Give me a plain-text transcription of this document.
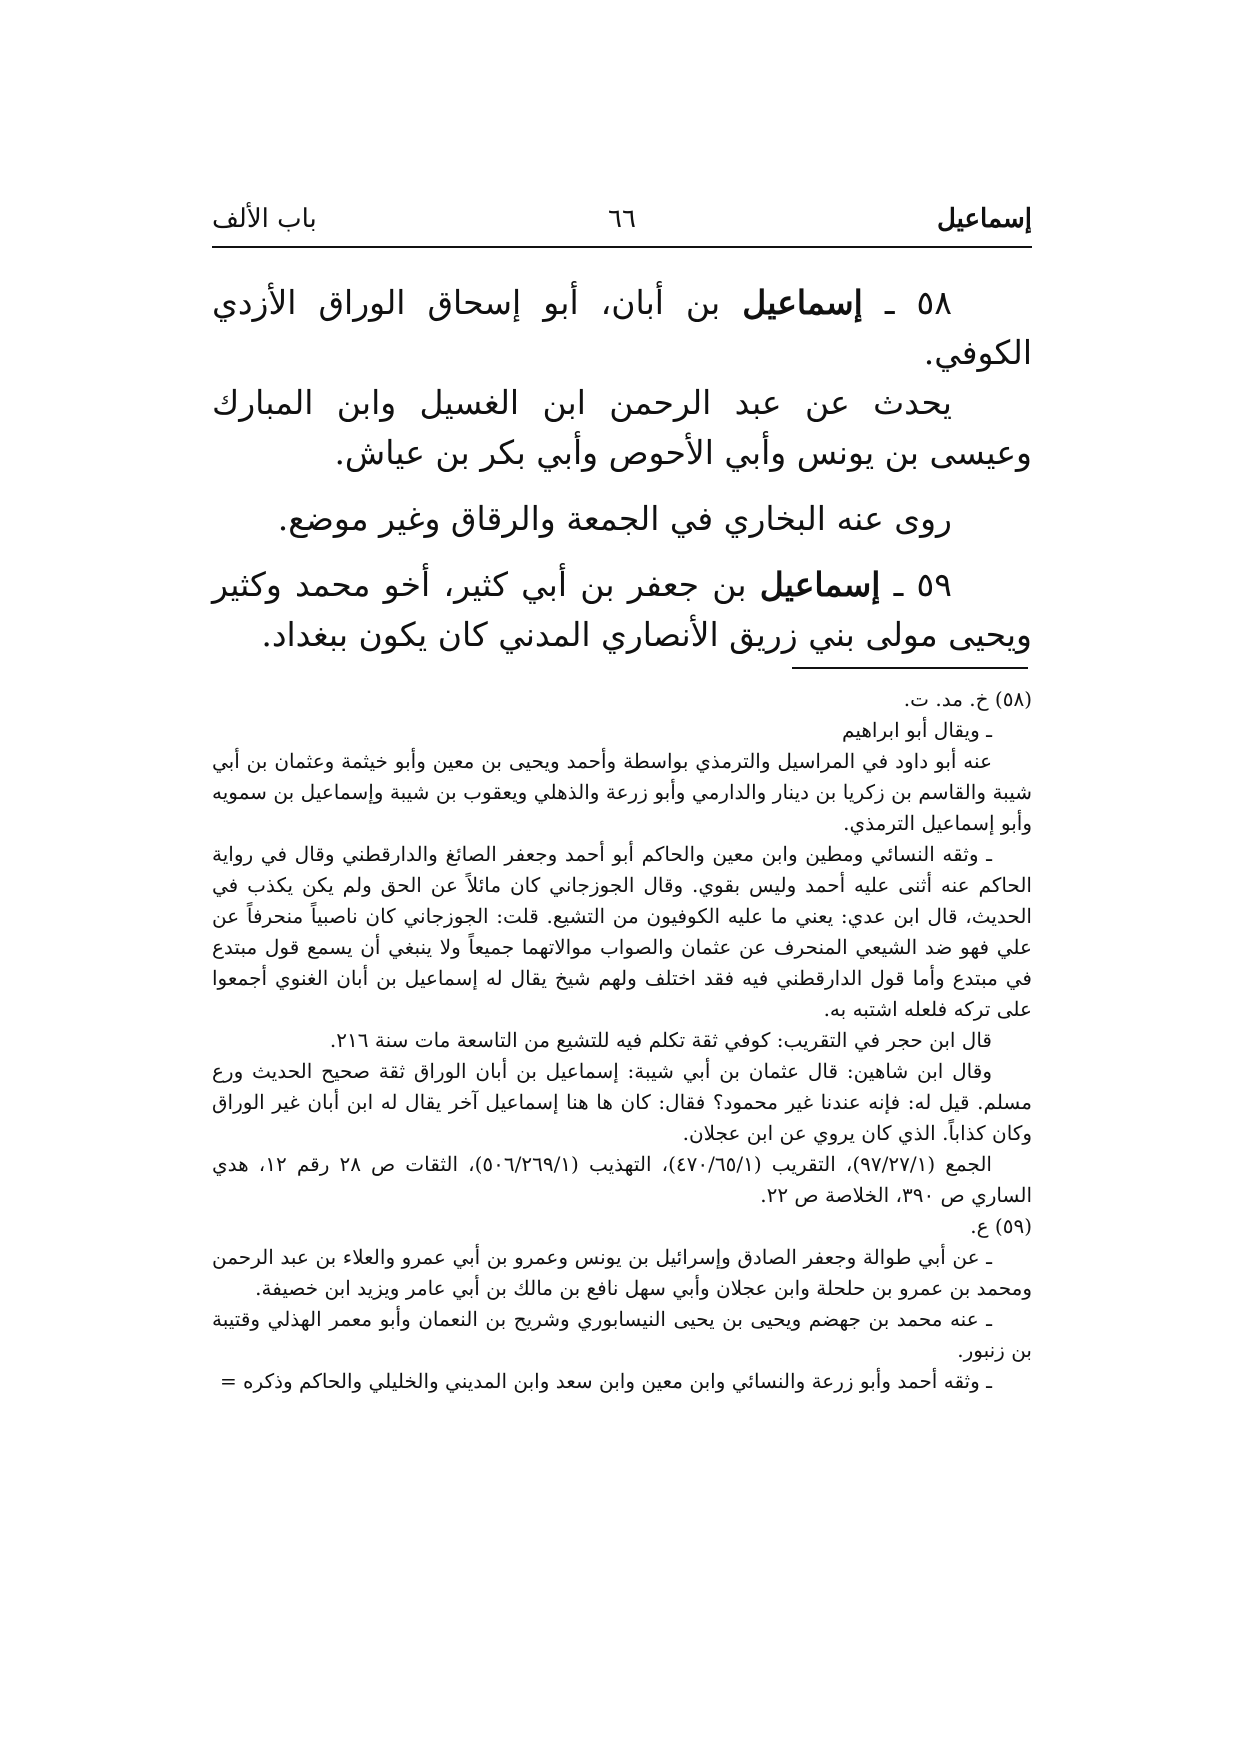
إسماعيل
٦٦
باب الألف

٥٨ ـ إسماعيل بن أبان، أبو إسحاق الوراق الأزدي الكوفي.

يحدث عن عبد الرحمن ابن الغسيل وابن المبارك وعيسى بن يونس وأبي الأحوص وأبي بكر بن عياش.

روى عنه البخاري في الجمعة والرقاق وغير موضع.

٥٩ ـ إسماعيل بن جعفر بن أبي كثير، أخو محمد وكثير ويحيى مولى بني زريق الأنصاري المدني كان يكون ببغداد.

(٥٨) خ. مد. ت.

ـ ويقال أبو ابراهيم

عنه أبو داود في المراسيل والترمذي بواسطة وأحمد ويحيى بن معين وأبو خيثمة وعثمان بن أبي شيبة والقاسم بن زكريا بن دينار والدارمي وأبو زرعة والذهلي ويعقوب بن شيبة وإسماعيل بن سمويه وأبو إسماعيل الترمذي.

ـ وثقه النسائي ومطين وابن معين والحاكم أبو أحمد وجعفر الصائغ والدارقطني وقال في رواية الحاكم عنه أثنى عليه أحمد وليس بقوي. وقال الجوزجاني كان مائلاً عن الحق ولم يكن يكذب في الحديث، قال ابن عدي: يعني ما عليه الكوفيون من التشيع. قلت: الجوزجاني كان ناصبياً منحرفاً عن علي فهو ضد الشيعي المنحرف عن عثمان والصواب موالاتهما جميعاً ولا ينبغي أن يسمع قول مبتدع في مبتدع وأما قول الدارقطني فيه فقد اختلف ولهم شيخ يقال له إسماعيل بن أبان الغنوي أجمعوا على تركه فلعله اشتبه به.

قال ابن حجر في التقريب: كوفي ثقة تكلم فيه للتشيع من التاسعة مات سنة ٢١٦.

وقال ابن شاهين: قال عثمان بن أبي شيبة: إسماعيل بن أبان الوراق ثقة صحيح الحديث ورع مسلم. قيل له: فإنه عندنا غير محمود؟ فقال: كان ها هنا إسماعيل آخر يقال له ابن أبان غير الوراق وكان كذاباً. الذي كان يروي عن ابن عجلان.

الجمع (٩٧/٢٧/١)، التقريب (٤٧٠/٦٥/١)، التهذيب (٥٠٦/٢٦٩/١)، الثقات ص ٢٨ رقم ١٢، هدي الساري ص ٣٩٠، الخلاصة ص ٢٢.

(٥٩) ع.

ـ عن أبي طوالة وجعفر الصادق وإسرائيل بن يونس وعمرو بن أبي عمرو والعلاء بن عبد الرحمن ومحمد بن عمرو بن حلحلة وابن عجلان وأبي سهل نافع بن مالك بن أبي عامر ويزيد ابن خصيفة.

ـ عنه محمد بن جهضم ويحيى بن يحيى النيسابوري وشريح بن النعمان وأبو معمر الهذلي وقتيبة بن زنبور.

ـ وثقه أحمد وأبو زرعة والنسائي وابن معين وابن سعد وابن المديني والخليلي والحاكم وذكره =
